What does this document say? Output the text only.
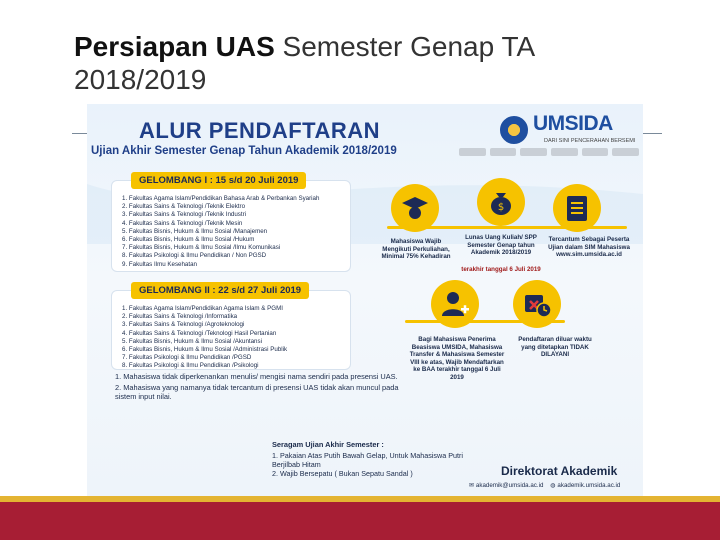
Persiapan UAS Semester Genap TA
2018/2019
ALUR PENDAFTARAN
Ujian Akhir Semester Genap Tahun Akademik 2018/2019
UMSIDA
DARI SINI PENCERAHAN BERSEMI
1. Fakultas Agama Islam/Pendidikan Bahasa Arab & Perbankan Syariah
2. Fakultas Sains & Teknologi /Teknik Elektro
3. Fakultas Sains & Teknologi /Teknik Industri
4. Fakultas Sains & Teknologi /Teknik Mesin
5. Fakultas Bisnis, Hukum & Ilmu Sosial /Manajemen
6. Fakultas Bisnis, Hukum & Ilmu Sosial /Hukum
7. Fakultas Bisnis, Hukum & Ilmu Sosial /Ilmu Komunikasi
8. Fakultas Psikologi & Ilmu Pendidikan / Non PGSD
9. Fakultas Ilmu Kesehatan
GELOMBANG I : 15 s/d 20 Juli 2019
1. Fakultas Agama Islam/Pendidikan Agama Islam & PGMI
2. Fakultas Sains & Teknologi /Informatika
3. Fakultas Sains & Teknologi /Agroteknologi
4. Fakultas Sains & Teknologi /Teknologi Hasil Pertanian
5. Fakultas Bisnis, Hukum & Ilmu Sosial /Akuntansi
6. Fakultas Bisnis, Hukum & Ilmu Sosial /Administrasi Publik
7. Fakultas Psikologi & Ilmu Pendidikan /PGSD
8. Fakultas Psikologi & Ilmu Pendidikan /Psikologi
GELOMBANG II : 22 s/d 27 Juli 2019

1. Mahasiswa tidak diperkenankan menulis/ mengisi nama sendiri pada presensi UAS.

2. Mahasiswa yang namanya tidak tercantum di presensi UAS tidak akan muncul pada sistem input nilai.

Seragam Ujian Akhir Semester :

1. Pakaian Atas Putih Bawah Gelap, Untuk Mahasiswa Putri Berjilbab Hitam

2. Wajib Bersepatu ( Bukan Sepatu Sandal )

$
Mahasiswa Wajib Mengikuti Perkuliahan, Minimal 75% Kehadiran
Lunas Uang Kuliah/ SPP Semester Genap tahun Akademik 2018/2019
terakhir tanggal 6 Juli 2019
Tercantum Sebagai Peserta Ujian dalam SIM Mahasiswa www.sim.umsida.ac.id
Bagi Mahasiswa Penerima Beasiswa UMSIDA, Mahasiswa Transfer & Mahasiswa Semester VIII ke atas, Wajib Mendaftarkan ke BAA terakhir tanggal 6 Juli 2019
Pendaftaran diluar waktu yang ditetapkan TIDAK DILAYANI
Direktorat Akademik
✉ akademik@umsida.ac.id ◍ akademik.umsida.ac.id
